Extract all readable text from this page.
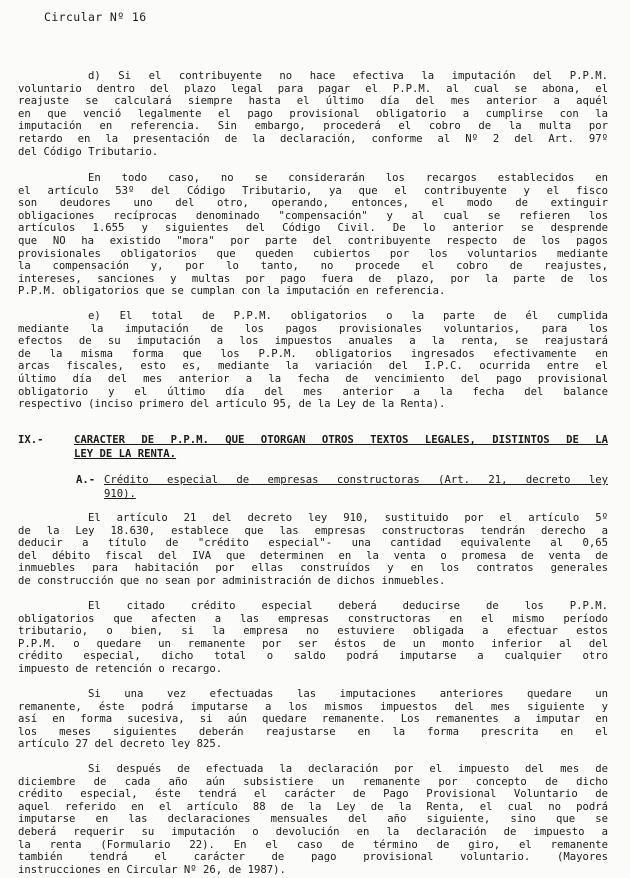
Circular Nº 16
d) Si el contribuyente no hace efectiva la imputación del P.P.M.
voluntario dentro del plazo legal para pagar el P.P.M. al cual se abona, el
reajuste se calculará siempre hasta el último día del mes anterior a aquél
en que venció legalmente el pago provisional obligatorio a cumplirse con la
imputación en referencia. Sin embargo, procederá el cobro de la multa por
retardo en la presentación de la declaración, conforme al Nº 2 del Art. 97º
del Código Tributario.
En todo caso, no se considerarán los recargos establecidos en
el artículo 53º del Código Tributario, ya que el contribuyente y el fisco
son deudores uno del otro, operando, entonces, el modo de extinguir
obligaciones recíprocas denominado "compensación" y al cual se refieren los
artículos 1.655 y siguientes del Código Civil. De lo anterior se desprende
que NO ha existido "mora" por parte del contribuyente respecto de los pagos
provisionales obligatorios que queden cubiertos por los voluntarios mediante
la compensación y, por lo tanto, no procede el cobro de reajustes,
intereses, sanciones y multas por pago fuera de plazo, por la parte de los
P.P.M. obligatorios que se cumplan con la imputación en referencia.
e) El total de P.P.M. obligatorios o la parte de él cumplida
mediante la imputación de los pagos provisionales voluntarios, para los
efectos de su imputación a los impuestos anuales a la renta, se reajustará
de la misma forma que los P.P.M. obligatorios ingresados efectivamente en
arcas fiscales, esto es, mediante la variación del I.P.C. ocurrida entre el
último día del mes anterior a la fecha de vencimiento del pago provisional
obligatorio y el último día del mes anterior a la fecha del balance
respectivo (inciso primero del artículo 95, de la Ley de la Renta).
El artículo 21 del decreto ley 910, sustituido por el artículo 5º
de la Ley 18.630, establece que las empresas constructoras tendrán derecho a
deducir a título de "crédito especial"- una cantidad equivalente al 0,65
del débito fiscal del IVA que determinen en la venta o promesa de venta de
inmuebles para habitación por ellas construídos y en los contratos generales
de construcción que no sean por administración de dichos inmuebles.
El citado crédito especial deberá deducirse de los P.P.M.
obligatorios que afecten a las empresas constructoras en el mismo período
tributario, o bien, si la empresa no estuviere obligada a efectuar estos
P.P.M. o quedare un remanente por ser éstos de un monto inferior al del
crédito especial, dicho total o saldo podrá imputarse a cualquier otro
impuesto de retención o recargo.
Si una vez efectuadas las imputaciones anteriores quedare un
remanente, éste podrá imputarse a los mismos impuestos del mes siguiente y
así en forma sucesiva, si aún quedare remanente. Los remanentes a imputar en
los meses siguientes deberán reajustarse en la forma prescrita en el
artículo 27 del decreto ley 825.
Si después de efectuada la declaración por el impuesto del mes de
diciembre de cada año aún subsistiere un remanente por concepto de dicho
crédito especial, éste tendrá el carácter de Pago Provisional Voluntario de
aquel referido en el artículo 88 de la Ley de la Renta, el cual no podrá
imputarse en las declaraciones mensuales del año siguiente, sino que se
deberá requerir su imputación o devolución en la declaración de impuesto a
la renta (Formulario 22). En el caso de término de giro, el remanente
también tendrá el carácter de pago provisional voluntario. (Mayores
instrucciones en Circular Nº 26, de 1987).
IX.-	CARACTER DE P.P.M. QUE OTORGAN OTROS TEXTOS LEGALES, DISTINTOS DE LA
LEY DE LA RENTA.
A.- Crédito especial de empresas constructoras (Art. 21, decreto ley
910).
